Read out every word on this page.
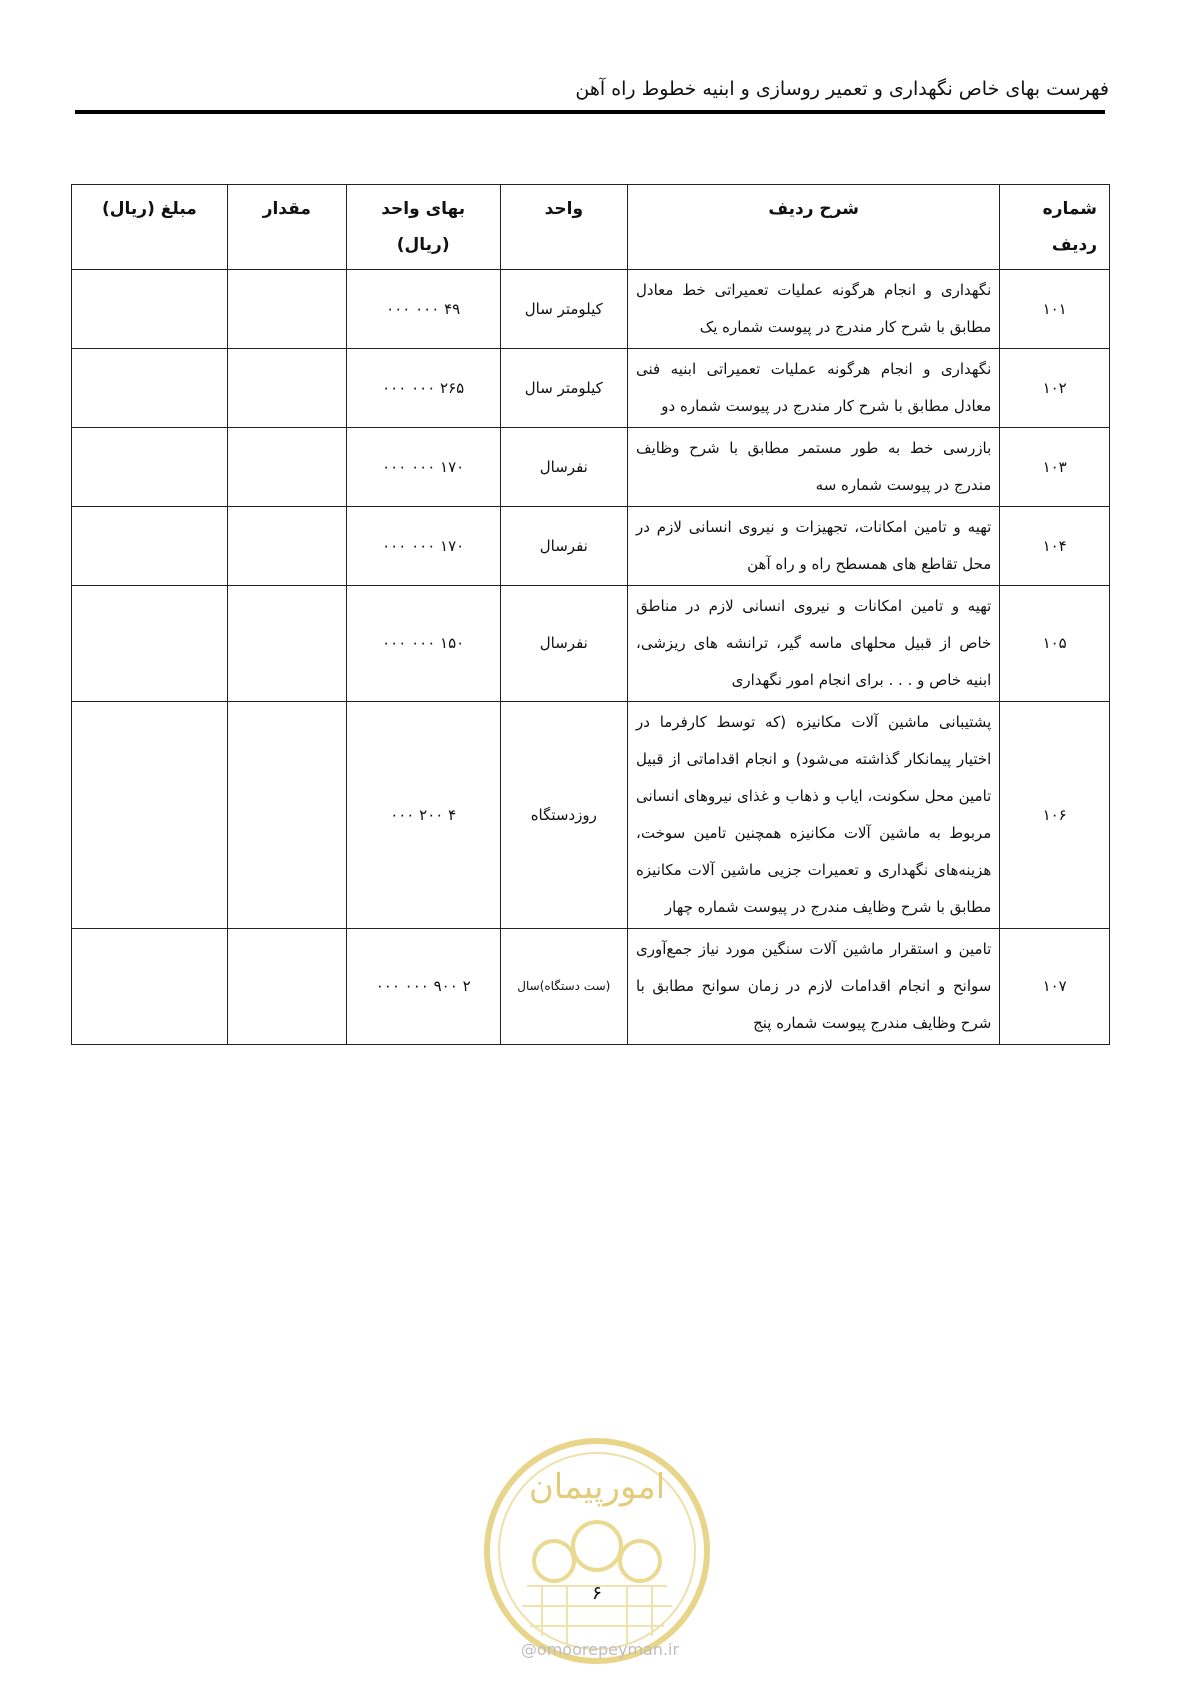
فهرست بهای خاص نگهداری و تعمیر روسازی و ابنیه خطوط راه آهن
شماره ردیف	شرح ردیف	واحد	بهای واحد (ریال)	مقدار	مبلغ (ریال)
۱۰۱	نگهداری و انجام هرگونه عملیات تعمیراتی خط معادل مطابق با شرح کار مندرج در پیوست شماره یک	کیلومتر سال	۴۹ ۰۰۰ ۰۰۰		
۱۰۲	نگهداری و انجام هرگونه عملیات تعمیراتی ابنیه فنی معادل مطابق با شرح کار مندرج در پیوست شماره دو	کیلومتر سال	۲۶۵ ۰۰۰ ۰۰۰		
۱۰۳	بازرسی خط به طور مستمر مطابق با شرح وظایف مندرج در پیوست شماره سه	نفرسال	۱۷۰ ۰۰۰ ۰۰۰		
۱۰۴	تهیه و تامین امکانات، تجهیزات و نیروی انسانی لازم در محل تقاطع های همسطح راه و راه آهن	نفرسال	۱۷۰ ۰۰۰ ۰۰۰		
۱۰۵	تهیه و تامین امکانات و نیروی انسانی لازم در مناطق خاص از قبیل محلهای ماسه گیر، ترانشه های ریزشی، ابنیه خاص و . . . برای انجام امور نگهداری	نفرسال	۱۵۰ ۰۰۰ ۰۰۰		
۱۰۶	پشتیبانی ماشین آلات مکانیزه (که توسط کارفرما در اختیار پیمانکار گذاشته می‌شود) و انجام اقداماتی از قبیل تامین محل سکونت، ایاب و ذهاب و غذای نیروهای انسانی مربوط به ماشین آلات مکانیزه همچنین تامین سوخت، هزینه‌های نگهداری و تعمیرات جزیی ماشین آلات مکانیزه مطابق با شرح وظایف مندرج در پیوست شماره چهار	روزدستگاه	۴ ۲۰۰ ۰۰۰		
۱۰۷	تامین و استقرار ماشین آلات سنگین مورد نیاز جمع‌آوری سوانح و انجام اقدامات لازم در زمان سوانح مطابق با شرح وظایف مندرج پیوست شماره پنج	(ست دستگاه)سال	۲ ۹۰۰ ۰۰۰ ۰۰۰		
امورپیمان
۶
@omoorepeyman.ir
